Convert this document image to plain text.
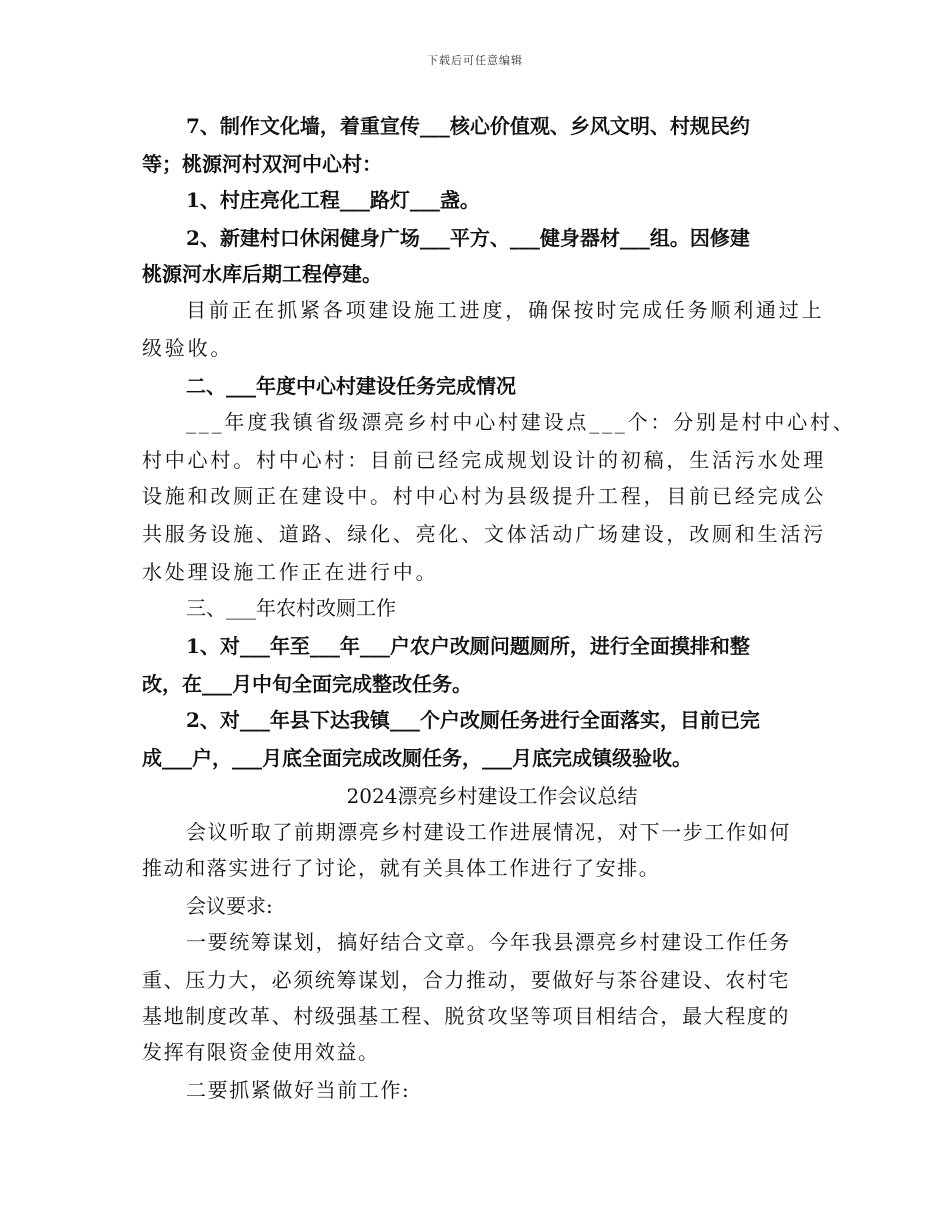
下载后可任意编辑
7、制作文化墙，着重宣传___核心价值观、乡风文明、村规民约
等；桃源河村双河中心村：
1、村庄亮化工程___路灯___盏。
2、新建村口休闲健身广场___平方、___健身器材___组。因修建
桃源河水库后期工程停建。
目前正在抓紧各项建设施工进度，确保按时完成任务顺利通过上
级验收。
二、___年度中心村建设任务完成情况
___年度我镇省级漂亮乡村中心村建设点___个：分别是村中心村、
村中心村。村中心村：目前已经完成规划设计的初稿，生活污水处理
设施和改厕正在建设中。村中心村为县级提升工程，目前已经完成公
共服务设施、道路、绿化、亮化、文体活动广场建设，改厕和生活污
水处理设施工作正在进行中。
三、___年农村改厕工作
1、对___年至___年___户农户改厕问题厕所，进行全面摸排和整
改，在___月中旬全面完成整改任务。
2、对___年县下达我镇___个户改厕任务进行全面落实，目前已完
成___户，___月底全面完成改厕任务，___月底完成镇级验收。
2024漂亮乡村建设工作会议总结
会议听取了前期漂亮乡村建设工作进展情况，对下一步工作如何
推动和落实进行了讨论，就有关具体工作进行了安排。
会议要求:
一要统筹谋划，搞好结合文章。今年我县漂亮乡村建设工作任务
重、压力大，必须统筹谋划，合力推动，要做好与茶谷建设、农村宅
基地制度改革、村级强基工程、脱贫攻坚等项目相结合，最大程度的
发挥有限资金使用效益。
二要抓紧做好当前工作:
